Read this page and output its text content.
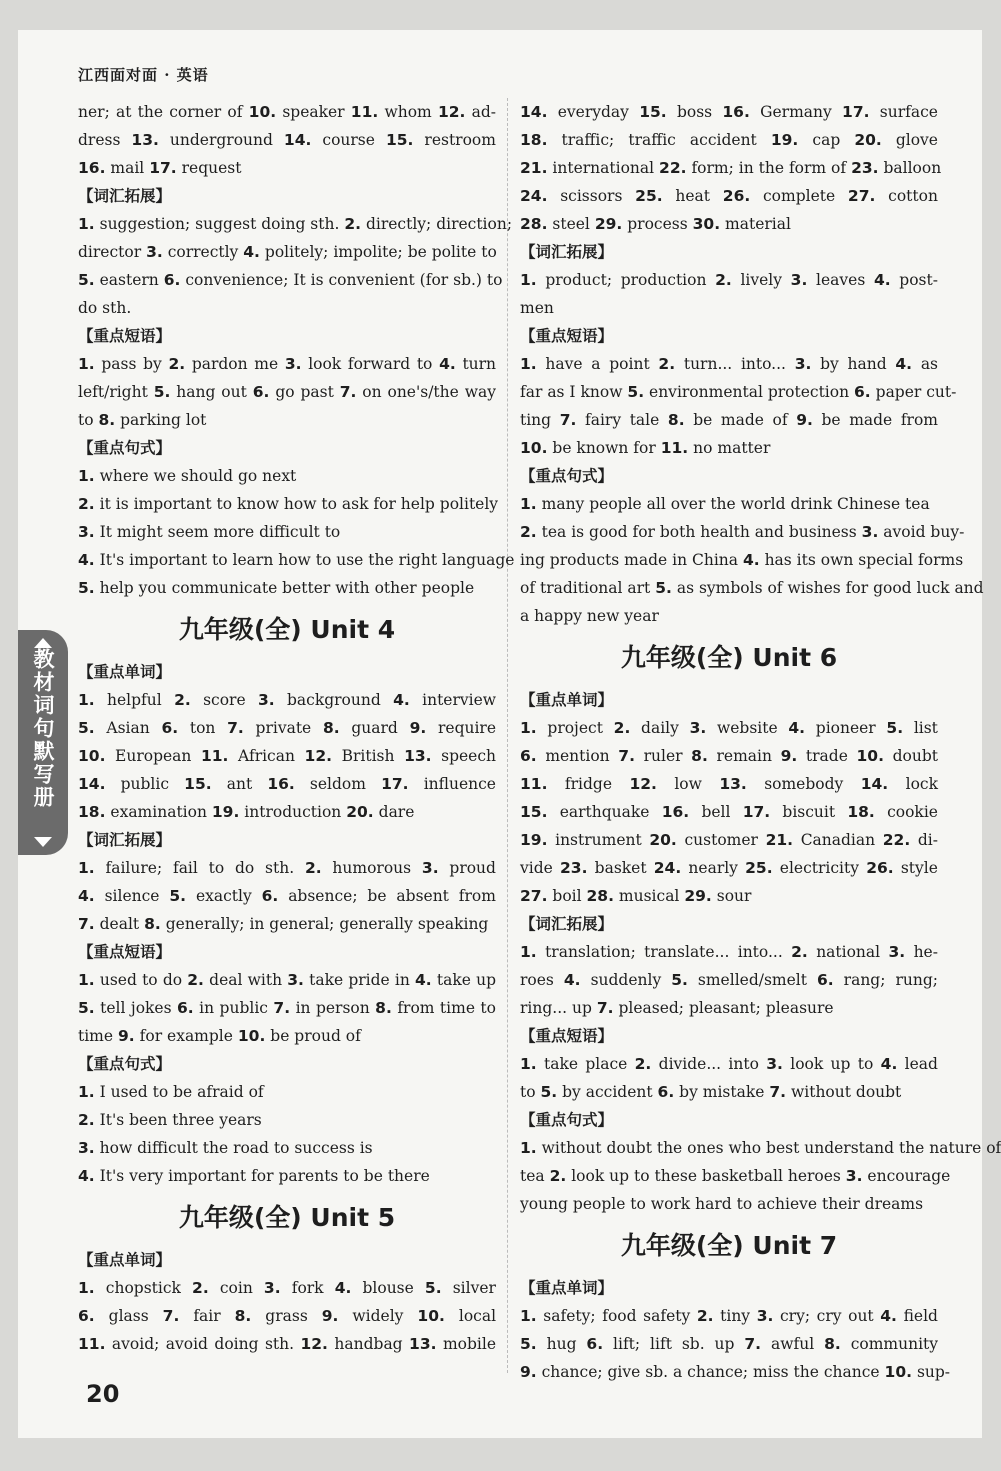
江西面对面 · 英语
ner; at the corner of 10. speaker 11. whom 12. ad-
dress 13. underground 14. course 15. restroom
16. mail 17. request
【词汇拓展】
1. suggestion; suggest doing sth. 2. directly; direction;
director 3. correctly 4. politely; impolite; be polite to
5. eastern 6. convenience; It is convenient (for sb.) to
do sth.
【重点短语】
1. pass by 2. pardon me 3. look forward to 4. turn
left/right 5. hang out 6. go past 7. on one's/the way
to 8. parking lot
【重点句式】
1. where we should go next
2. it is important to know how to ask for help politely
3. It might seem more difficult to
4. It's important to learn how to use the right language
5. help you communicate better with other people
九年级(全) Unit 4
【重点单词】
1. helpful 2. score 3. background 4. interview
5. Asian 6. ton 7. private 8. guard 9. require
10. European 11. African 12. British 13. speech
14. public 15. ant 16. seldom 17. influence
18. examination 19. introduction 20. dare
【词汇拓展】
1. failure; fail to do sth. 2. humorous 3. proud
4. silence 5. exactly 6. absence; be absent from
7. dealt 8. generally; in general; generally speaking
【重点短语】
1. used to do 2. deal with 3. take pride in 4. take up
5. tell jokes 6. in public 7. in person 8. from time to
time 9. for example 10. be proud of
【重点句式】
1. I used to be afraid of
2. It's been three years
3. how difficult the road to success is
4. It's very important for parents to be there
九年级(全) Unit 5
【重点单词】
1. chopstick 2. coin 3. fork 4. blouse 5. silver
6. glass 7. fair 8. grass 9. widely 10. local
11. avoid; avoid doing sth. 12. handbag 13. mobile
14. everyday 15. boss 16. Germany 17. surface
18. traffic; traffic accident 19. cap 20. glove
21. international 22. form; in the form of 23. balloon
24. scissors 25. heat 26. complete 27. cotton
28. steel 29. process 30. material
【词汇拓展】
1. product; production 2. lively 3. leaves 4. post-
men
【重点短语】
1. have a point 2. turn... into... 3. by hand 4. as
far as I know 5. environmental protection 6. paper cut-
ting 7. fairy tale 8. be made of 9. be made from
10. be known for 11. no matter
【重点句式】
1. many people all over the world drink Chinese tea
2. tea is good for both health and business 3. avoid buy-
ing products made in China 4. has its own special forms
of traditional art 5. as symbols of wishes for good luck and
a happy new year
九年级(全) Unit 6
【重点单词】
1. project 2. daily 3. website 4. pioneer 5. list
6. mention 7. ruler 8. remain 9. trade 10. doubt
11. fridge 12. low 13. somebody 14. lock
15. earthquake 16. bell 17. biscuit 18. cookie
19. instrument 20. customer 21. Canadian 22. di-
vide 23. basket 24. nearly 25. electricity 26. style
27. boil 28. musical 29. sour
【词汇拓展】
1. translation; translate... into... 2. national 3. he-
roes 4. suddenly 5. smelled/smelt 6. rang; rung;
ring... up 7. pleased; pleasant; pleasure
【重点短语】
1. take place 2. divide... into 3. look up to 4. lead
to 5. by accident 6. by mistake 7. without doubt
【重点句式】
1. without doubt the ones who best understand the nature of
tea 2. look up to these basketball heroes 3. encourage
young people to work hard to achieve their dreams
九年级(全) Unit 7
【重点单词】
1. safety; food safety 2. tiny 3. cry; cry out 4. field
5. hug 6. lift; lift sb. up 7. awful 8. community
9. chance; give sb. a chance; miss the chance 10. sup-
教材词句默写册
20
